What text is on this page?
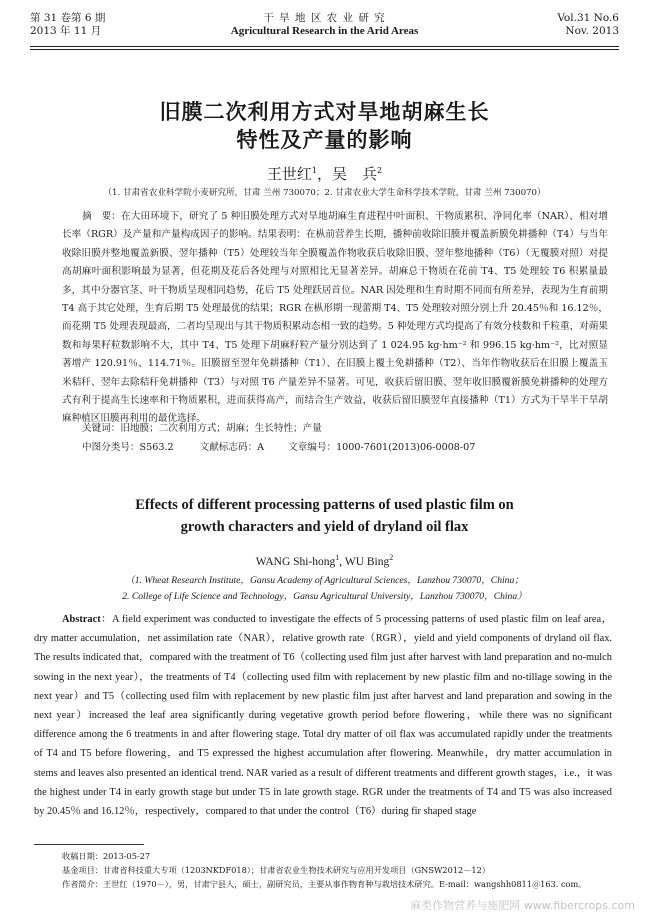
第 31 卷第 6 期
2013 年 11 月
干 旱 地 区 农 业 研 究
Agricultural Research in the Arid Areas
Vol.31 No.6
Nov. 2013
旧膜二次利用方式对旱地胡麻生长
特性及产量的影响
王世红$^1$，吴　兵$^2$
（1. 甘肃省农业科学院小麦研究所，甘肃 兰州 730070；2. 甘肃农业大学生命科学技术学院，甘肃 兰州 730070）
摘　要：在大田环境下，研究了 5 种旧膜处理方式对旱地胡麻生育进程中叶面积、干物质累积、净同化率（NAR）、相对增长率（RGR）及产量和产量构成因子的影响。结果表明：在枞前营养生长期，播种前收除旧膜并覆盖新膜免耕播种（T4）与当年收除旧膜并整地覆盖新膜、翌年播种（T5）处理较当年全膜覆盖作物收获后收除旧膜、翌年整地播种（T6）（无覆膜对照）对提高胡麻叶面积影响最为显著，但花期及花后各处理与对照相比无显著差异。胡麻总干物质在花前 T4、T5 处理较 T6 积累量最多，其中分器官茎、叶干物质呈现相同趋势，花后 T5 处理跃居首位。NAR 因处理和生育时期不同而有所差异，表现为生育前期 T4 高于其它处理，生育后期 T5 处理最优的结果；RGR 在枞形期一现蕾期 T4、T5 处理较对照分别上升 20.45％和 16.12％，而花期 T5 处理表现最高，二者均呈现出与其干物质积累动态相一致的趋势。5 种处理方式均提高了有效分枝数和千粒重，对蒴果数和每果籽粒数影响不大，其中 T4、T5 处理下胡麻籽粒产量分别达到了 1 024.95 kg·hm⁻² 和 996.15 kg·hm⁻²，比对照显著增产 120.91％、114.71％。旧膜留至翌年免耕播种（T1）、在旧膜上覆土免耕播种（T2）、当年作物收获后在旧膜上覆盖玉米秸秆、翌年去除秸秆免耕播种（T3）与对照 T6 产量差异不显著。可见，收获后留旧膜、翌年收旧膜覆新膜免耕播种的处理方式有利于提高生长速率和干物质累积，进而获得高产，而结合生产效益，收获后留旧膜翌年直接播种（T1）方式为干旱半干旱胡麻种植区旧膜再利用的最优选择。
关键词：旧地膜；二次利用方式；胡麻；生长特性；产量
中图分类号：S563.2	文献标志码：A	文章编号：1000-7601(2013)06-0008-07
Effects of different processing patterns of used plastic film on
growth characters and yield of dryland oil flax
WANG Shi-hong$^1$, WU Bing$^2$
（1. Wheat Research Institute，Gansu Academy of Agricultural Sciences，Lanzhou 730070，China；
2. College of Life Science and Technology，Gansu Agricultural University，Lanzhou 730070，China）
Abstract：A field experiment was conducted to investigate the effects of 5 processing patterns of used plastic film on leaf area，dry matter accumulation，net assimilation rate（NAR），relative growth rate（RGR），yield and yield components of dryland oil flax. The results indicated that，compared with the treatment of T6（collecting used film just after harvest with land preparation and no-mulch sowing in the next year），the treatments of T4（collecting used film with replacement by new plastic film and no-tillage sowing in the next year）and T5（collecting used film with replacement by new plastic film just after harvest and land preparation and sowing in the next year）increased the leaf area significantly during vegetative growth period before flowering，while there was no significant difference among the 6 treatments in and after flowering stage. Total dry matter of oil flax was accumulated rapidly under the treatments of T4 and T5 before flowering，and T5 expressed the highest accumulation after flowering. Meanwhile，dry matter accumulation in stems and leaves also presented an identical trend. NAR varied as a result of different treatments and different growth stages，i.e.，it was the highest under T4 in early growth stage but under T5 in late growth stage. RGR under the treatments of T4 and T5 was also increased by 20.45％ and 16.12％，respectively，compared to that under the control（T6）during fir shaped stage
收稿日期：2013-05-27
基金项目：甘肃省科技重大专项（1203NKDF018）；甘肃省农业生物技术研究与应用开发项目（GNSW2012－12）
作者简介：王世红（1970－），男，甘肃宁县人，硕士，副研究员，主要从事作物育种与栽培技术研究。E-mail：wangshh0811＠163. com。
麻类作物营养与施肥网 www.fibercrops.com
